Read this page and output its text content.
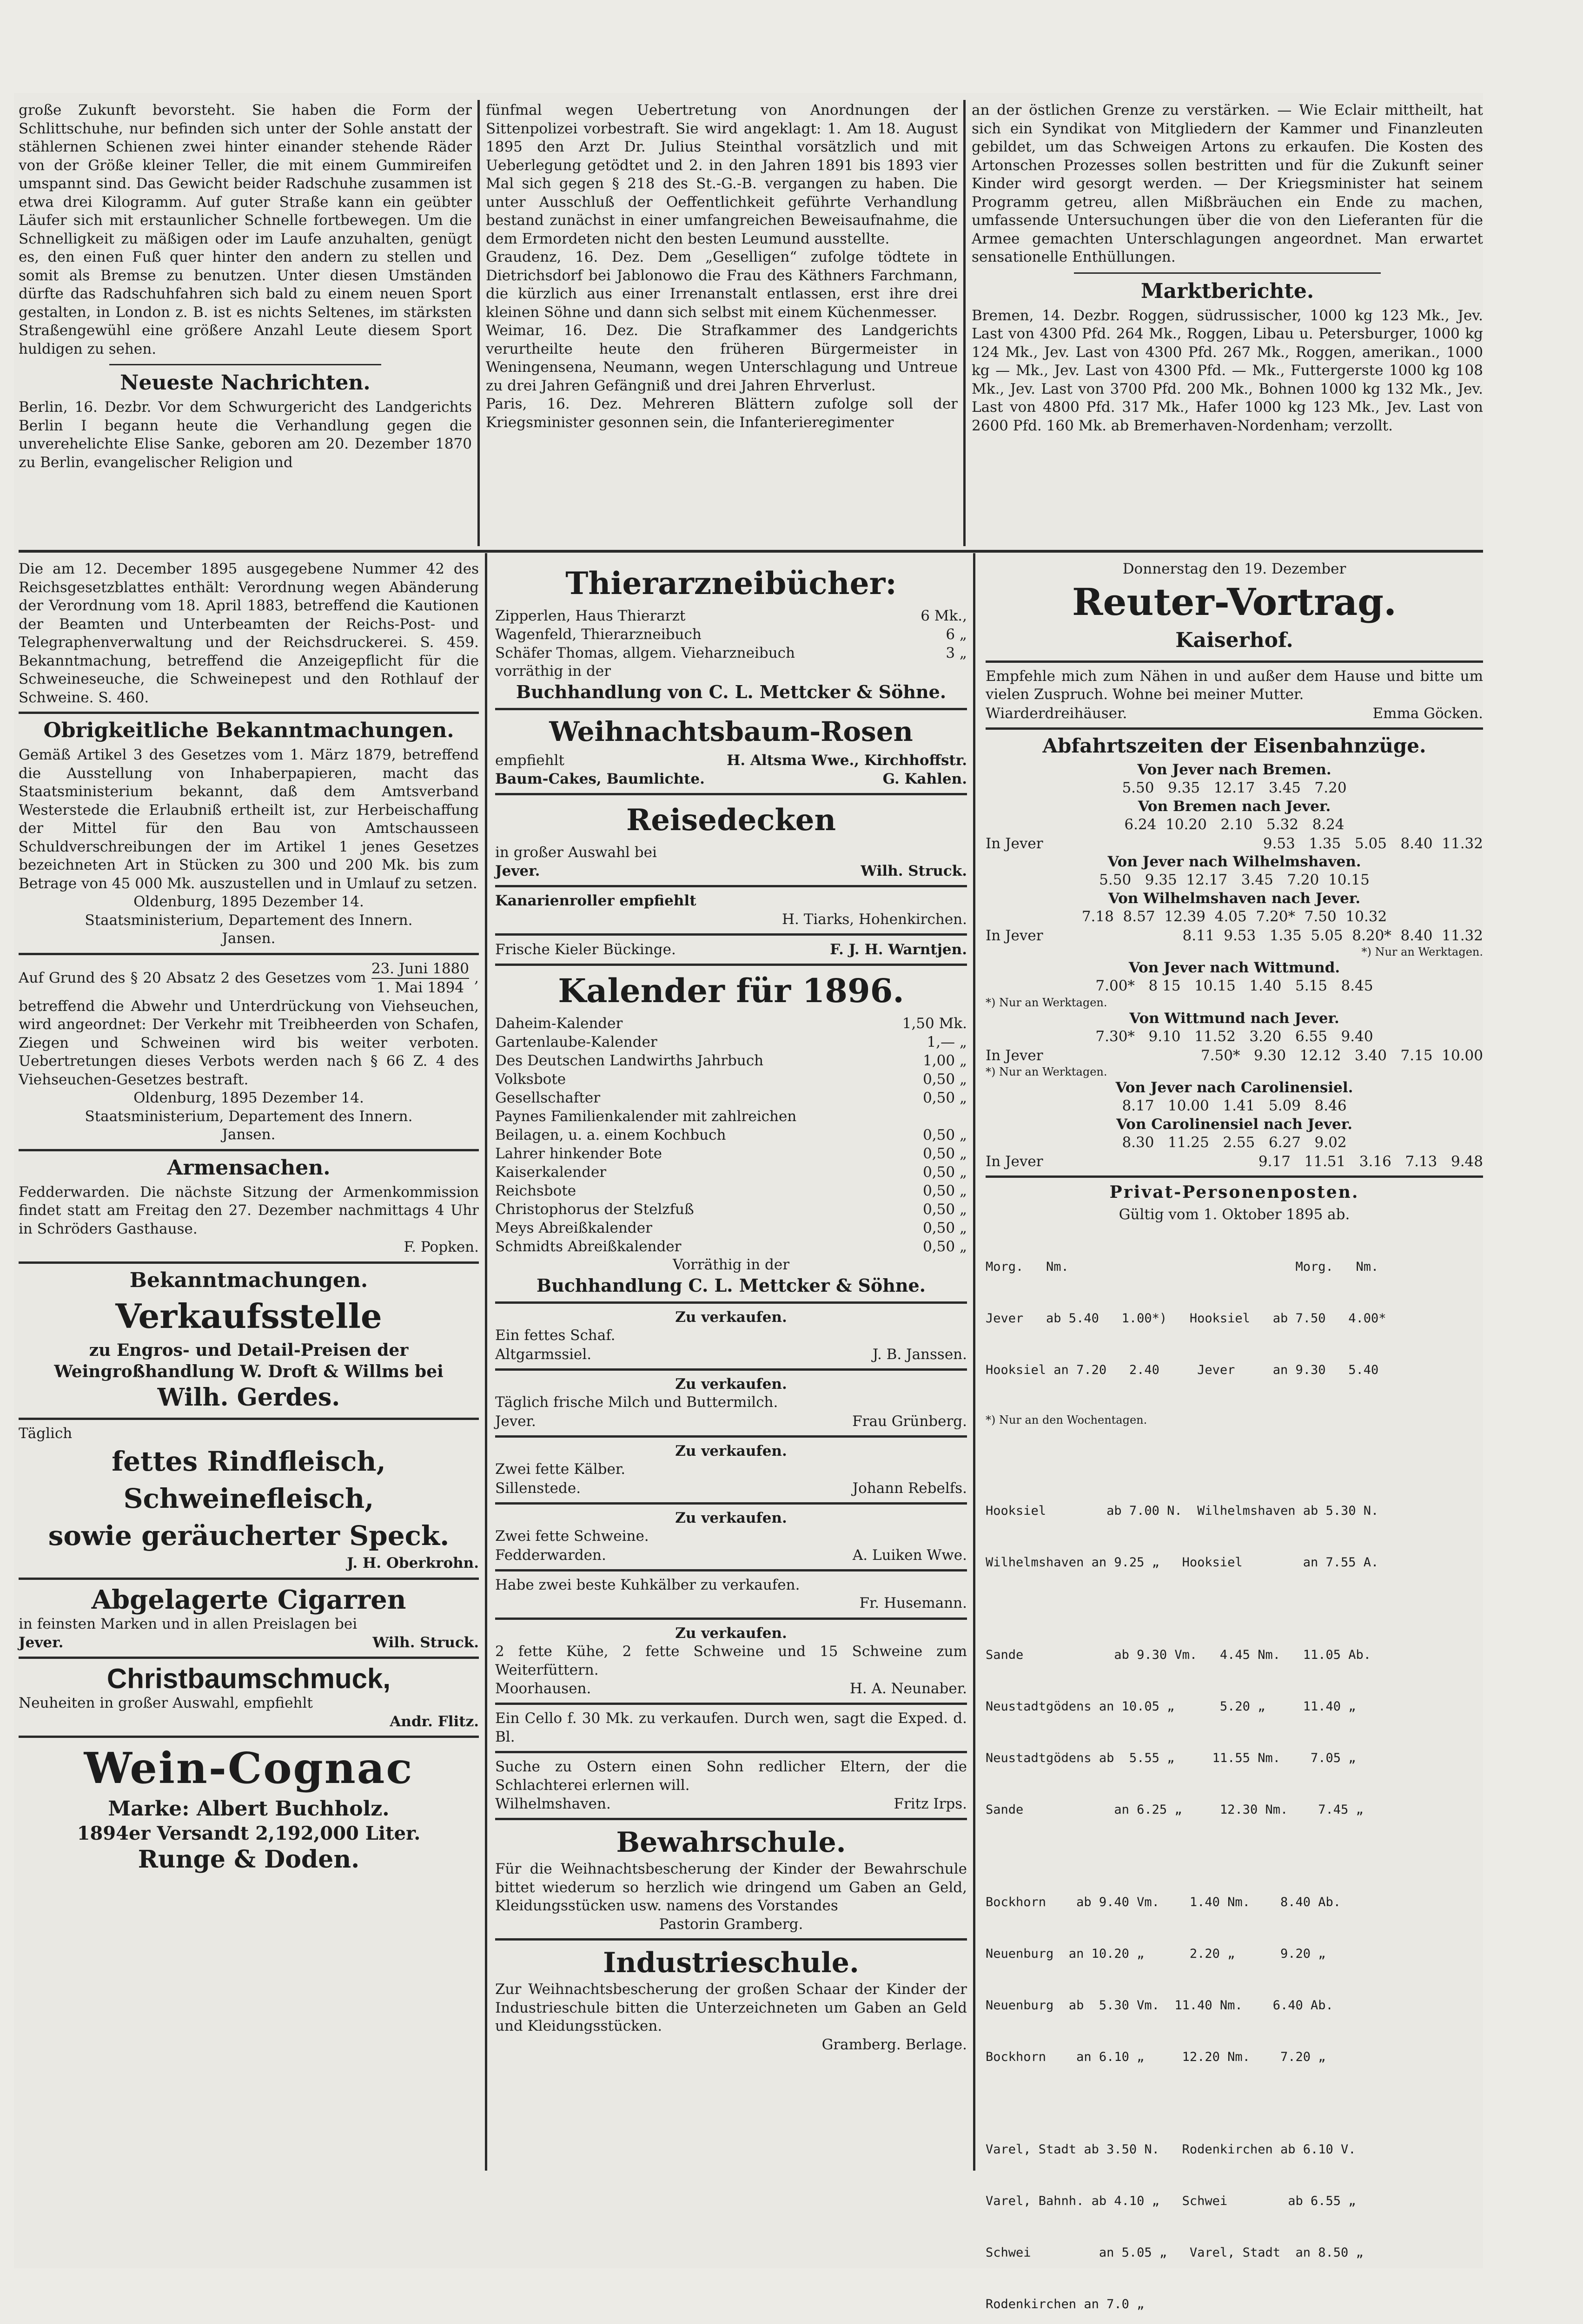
große Zukunft bevorsteht. Sie haben die Form der Schlittschuhe, nur befinden sich unter der Sohle anstatt der stählernen Schienen zwei hinter einander stehende Räder von der Größe kleiner Teller, die mit einem Gummireifen umspannt sind. Das Gewicht beider Radschuhe zusammen ist etwa drei Kilogramm. Auf guter Straße kann ein geübter Läufer sich mit erstaunlicher Schnelle fortbewegen. Um die Schnelligkeit zu mäßigen oder im Laufe anzuhalten, genügt es, den einen Fuß quer hinter den andern zu stellen und somit als Bremse zu benutzen. Unter diesen Umständen dürfte das Radschuhfahren sich bald zu einem neuen Sport gestalten, in London z. B. ist es nichts Seltenes, im stärksten Straßengewühl eine größere Anzahl Leute diesem Sport huldigen zu sehen.

Neueste Nachrichten.

Berlin, 16. Dezbr. Vor dem Schwurgericht des Landgerichts Berlin I begann heute die Verhandlung gegen die unverehelichte Elise Sanke, geboren am 20. Dezember 1870 zu Berlin, evangelischer Religion und

fünfmal wegen Uebertretung von Anordnungen der Sittenpolizei vorbestraft. Sie wird angeklagt: 1. Am 18. August 1895 den Arzt Dr. Julius Steinthal vorsätzlich und mit Ueberlegung getödtet und 2. in den Jahren 1891 bis 1893 vier Mal sich gegen § 218 des St.-G.-B. vergangen zu haben. Die unter Ausschluß der Oeffentlichkeit geführte Verhandlung bestand zunächst in einer umfangreichen Beweisaufnahme, die dem Ermordeten nicht den besten Leumund ausstellte.

Graudenz, 16. Dez. Dem „Geselligen“ zufolge tödtete in Dietrichsdorf bei Jablonowo die Frau des Käthners Farchmann, die kürzlich aus einer Irrenanstalt entlassen, erst ihre drei kleinen Söhne und dann sich selbst mit einem Küchenmesser.

Weimar, 16. Dez. Die Strafkammer des Landgerichts verurtheilte heute den früheren Bürgermeister in Weningensena, Neumann, wegen Unterschlagung und Untreue zu drei Jahren Gefängniß und drei Jahren Ehrverlust.

Paris, 16. Dez. Mehreren Blättern zufolge soll der Kriegsminister gesonnen sein, die Infanterieregimenter

an der östlichen Grenze zu verstärken. — Wie Eclair mittheilt, hat sich ein Syndikat von Mitgliedern der Kammer und Finanzleuten gebildet, um das Schweigen Artons zu erkaufen. Die Kosten des Artonschen Prozesses sollen bestritten und für die Zukunft seiner Kinder wird gesorgt werden. — Der Kriegsminister hat seinem Programm getreu, allen Mißbräuchen ein Ende zu machen, umfassende Untersuchungen über die von den Lieferanten für die Armee gemachten Unterschlagungen angeordnet. Man erwartet sensationelle Enthüllungen.

Marktberichte.

Bremen, 14. Dezbr. Roggen, südrussischer, 1000 kg 123 Mk., Jev. Last von 4300 Pfd. 264 Mk., Roggen, Libau u. Petersburger, 1000 kg 124 Mk., Jev. Last von 4300 Pfd. 267 Mk., Roggen, amerikan., 1000 kg — Mk., Jev. Last von 4300 Pfd. — Mk., Futtergerste 1000 kg 108 Mk., Jev. Last von 3700 Pfd. 200 Mk., Bohnen 1000 kg 132 Mk., Jev. Last von 4800 Pfd. 317 Mk., Hafer 1000 kg 123 Mk., Jev. Last von 2600 Pfd. 160 Mk. ab Bremerhaven-Nordenham; verzollt.

Die am 12. December 1895 ausgegebene Nummer 42 des Reichsgesetzblattes enthält: Verordnung wegen Abänderung der Verordnung vom 18. April 1883, betreffend die Kautionen der Beamten und Unterbeamten der Reichs-Post- und Telegraphenverwaltung und der Reichsdruckerei. S. 459. Bekanntmachung, betreffend die Anzeigepflicht für die Schweineseuche, die Schweinepest und den Rothlauf der Schweine. S. 460.

Obrigkeitliche Bekanntmachungen.

Gemäß Artikel 3 des Gesetzes vom 1. März 1879, betreffend die Ausstellung von Inhaberpapieren, macht das Staatsministerium bekannt, daß dem Amtsverband Westerstede die Erlaubniß ertheilt ist, zur Herbeischaffung der Mittel für den Bau von Amtschausseen Schuldverschreibungen der im Artikel 1 jenes Gesetzes bezeichneten Art in Stücken zu 300 und 200 Mk. bis zum Betrage von 45 000 Mk. auszustellen und in Umlauf zu setzen.

Oldenburg, 1895 Dezember 14.

Staatsministerium, Departement des Innern.

Jansen.

Auf Grund des § 20 Absatz 2 des Gesetzes vom
23. Juni 1880
1. Mai 1894
, betreffend die Abwehr und Unterdrückung von Viehseuchen, wird angeordnet: Der Verkehr mit Treibheerden von Schafen, Ziegen und Schweinen wird bis weiter verboten. Uebertretungen dieses Verbots werden nach § 66 Z. 4 des Viehseuchen-Gesetzes bestraft.

Oldenburg, 1895 Dezember 14.

Staatsministerium, Departement des Innern.

Jansen.

Armensachen.

Fedderwarden. Die nächste Sitzung der Armenkommission findet statt am Freitag den 27. Dezember nachmittags 4 Uhr in Schröders Gasthause.

F. Popken.

Bekanntmachungen.

Verkaufsstelle

zu Engros- und Detail-Preisen der Weingroßhandlung W. Droft & Willms bei

Wilh. Gerdes.

Täglich

fettes Rindfleisch,

Schweinefleisch,

sowie geräucherter Speck.

J. H. Oberkrohn.

Abgelagerte Cigarren

in feinsten Marken und in allen Preislagen bei

Jever.	Wilh. Struck.

Christbaumschmuck,

Neuheiten in großer Auswahl, empfiehlt

Andr. Flitz.

Wein-Cognac

Marke: Albert Buchholz.

1894er Versandt 2,192,000 Liter.

Runge & Doden.

Thierarzneibücher:

Zipperlen, Haus Thierarzt	6 Mk.,
Wagenfeld, Thierarzneibuch	6 „
Schäfer Thomas, allgem. Vieharzneibuch	3 „

vorräthig in der

Buchhandlung von C. L. Mettcker & Söhne.

Weihnachtsbaum-Rosen

empfiehlt	H. Altsma Wwe., Kirchhoffstr.
Baum-Cakes, Baumlichte.	G. Kahlen.

Reisedecken

in großer Auswahl bei

Jever.	Wilh. Struck.

Kanarienroller empfiehlt

H. Tiarks, Hohenkirchen.

Frische Kieler Bückinge.	F. J. H. Warntjen.

Kalender für 1896.

Daheim-Kalender	1,50 Mk.
Gartenlaube-Kalender	1,— „
Des Deutschen Landwirths Jahrbuch	1,00 „
Volksbote	0,50 „
Gesellschafter	0,50 „
Paynes Familienkalender mit zahlreichen Beilagen, u. a. einem Kochbuch	0,50 „
Lahrer hinkender Bote	0,50 „
Kaiserkalender	0,50 „
Reichsbote	0,50 „
Christophorus der Stelzfuß	0,50 „
Meys Abreißkalender	0,50 „
Schmidts Abreißkalender	0,50 „

Vorräthig in der

Buchhandlung C. L. Mettcker & Söhne.

Zu verkaufen.

Ein fettes Schaf.

Altgarmssiel.	J. B. Janssen.

Zu verkaufen.

Täglich frische Milch und Buttermilch.

Jever.	Frau Grünberg.

Zu verkaufen.

Zwei fette Kälber.

Sillenstede.	Johann Rebelfs.

Zu verkaufen.

Zwei fette Schweine.

Fedderwarden.	A. Luiken Wwe.

Habe zwei beste Kuhkälber zu verkaufen.

Fr. Husemann.

Zu verkaufen.

2 fette Kühe, 2 fette Schweine und 15 Schweine zum Weiterfüttern.

Moorhausen.	H. A. Neunaber.

Ein Cello f. 30 Mk. zu verkaufen. Durch wen, sagt die Exped. d. Bl.

Suche zu Ostern einen Sohn redlicher Eltern, der die Schlachterei erlernen will.

Wilhelmshaven.	Fritz Irps.

Bewahrschule.

Für die Weihnachtsbescherung der Kinder der Bewahrschule bittet wiederum so herzlich wie dringend um Gaben an Geld, Kleidungsstücken usw. namens des Vorstandes

Pastorin Gramberg.

Industrieschule.

Zur Weihnachtsbescherung der großen Schaar der Kinder der Industrieschule bitten die Unterzeichneten um Gaben an Geld und Kleidungsstücken.

Gramberg. Berlage.

Donnerstag den 19. Dezember

Reuter-Vortrag.

Kaiserhof.

Empfehle mich zum Nähen in und außer dem Hause und bitte um vielen Zuspruch. Wohne bei meiner Mutter.

Wiarderdreihäuser.	Emma Göcken.

Abfahrtszeiten der Eisenbahnzüge.

Von Jever nach Bremen.

5.50   9.35   12.17   3.45   7.20

Von Bremen nach Jever.

6.24  10.20   2.10   5.32   8.24

In Jever	9.53   1.35   5.05   8.40  11.32

Von Jever nach Wilhelmshaven.

5.50   9.35  12.17   3.45   7.20  10.15

Von Wilhelmshaven nach Jever.

7.18  8.57  12.39  4.05  7.20*  7.50  10.32

In Jever	8.11  9.53   1.35  5.05  8.20*  8.40  11.32

*) Nur an Werktagen.

Von Jever nach Wittmund.

7.00*   8 15   10.15   1.40   5.15   8.45

*) Nur an Werktagen.

Von Wittmund nach Jever.

7.30*   9.10   11.52   3.20   6.55   9.40

In Jever	7.50*   9.30   12.12   3.40   7.15  10.00

*) Nur an Werktagen.

Von Jever nach Carolinensiel.

8.17   10.00   1.41   5.09   8.46

Von Carolinensiel nach Jever.

8.30   11.25   2.55   6.27   9.02

In Jever	9.17   11.51   3.16   7.13   9.48

Privat-Personenposten.

Gültig vom 1. Oktober 1895 ab.

Morg.   Nm.                              Morg.   Nm.

Jever   ab 5.40   1.00*)   Hooksiel   ab 7.50   4.00*

Hooksiel an 7.20   2.40     Jever     an 9.30   5.40

*) Nur an den Wochentagen.

Hooksiel        ab 7.00 N.  Wilhelmshaven ab 5.30 N.

Wilhelmshaven an 9.25 „   Hooksiel        an 7.55 A.

Sande            ab 9.30 Vm.   4.45 Nm.   11.05 Ab.

Neustadtgödens an 10.05 „      5.20 „     11.40 „

Neustadtgödens ab  5.55 „     11.55 Nm.    7.05 „

Sande            an 6.25 „     12.30 Nm.    7.45 „

Bockhorn    ab 9.40 Vm.    1.40 Nm.    8.40 Ab.

Neuenburg  an 10.20 „      2.20 „      9.20 „

Neuenburg  ab  5.30 Vm.  11.40 Nm.    6.40 Ab.

Bockhorn    an 6.10 „     12.20 Nm.    7.20 „

Varel, Stadt ab 3.50 N.   Rodenkirchen ab 6.10 V.

Varel, Bahnh. ab 4.10 „   Schwei        ab 6.55 „

Schwei         an 5.05 „   Varel, Stadt  an 8.50 „

Rodenkirchen an 7.0 „
